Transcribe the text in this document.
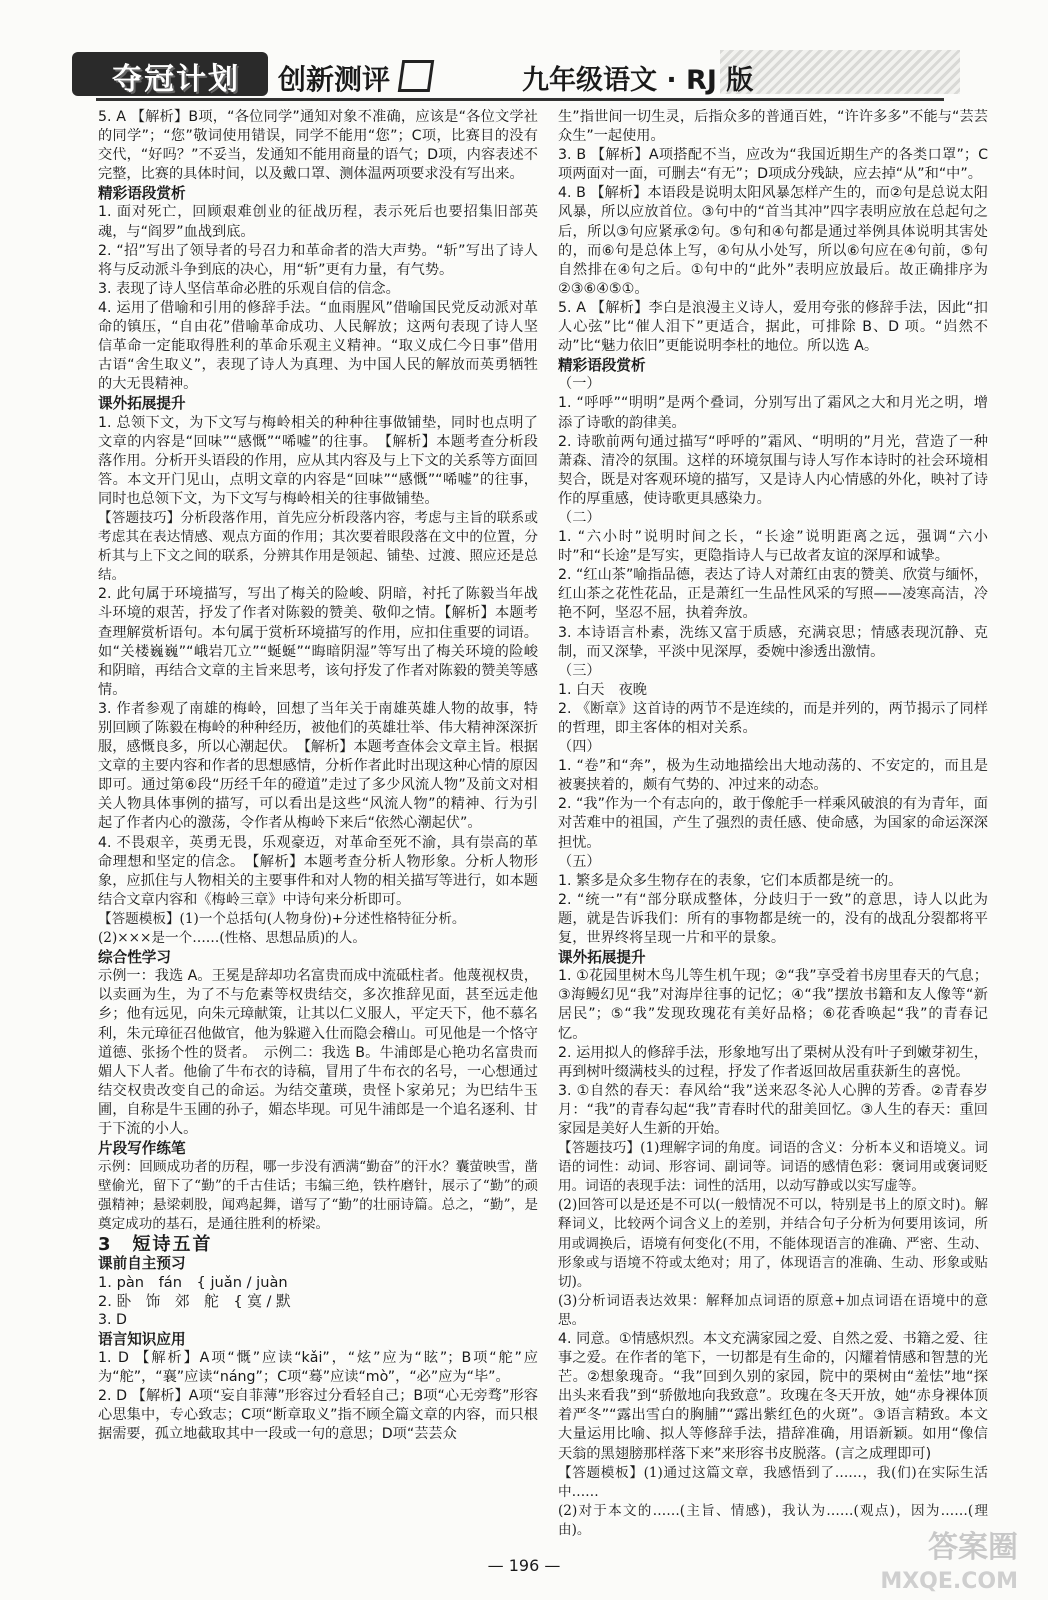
夺冠计划 创新测评	九年级语文 · RJ 版

5. A 【解析】B项，“各位同学”通知对象不准确，应该是“各位文学社的同学”；“您”敬词使用错误，同学不能用“您”；C项，比赛目的没有交代，“好吗？”不妥当，发通知不能用商量的语气；D项，内容表述不完整，比赛的具体时间，以及戴口罩、测体温两项要求没有写出来。

精彩语段赏析

1. 面对死亡，回顾艰难创业的征战历程，表示死后也要招集旧部英魂，与“阎罗”血战到底。

2. “招”写出了领导者的号召力和革命者的浩大声势。“斩”写出了诗人将与反动派斗争到底的决心，用“斩”更有力量，有气势。

3. 表现了诗人坚信革命必胜的乐观自信的信念。

4. 运用了借喻和引用的修辞手法。“血雨腥风”借喻国民党反动派对革命的镇压，“自由花”借喻革命成功、人民解放；这两句表现了诗人坚信革命一定能取得胜利的革命乐观主义精神。“取义成仁今日事”借用古语“舍生取义”，表现了诗人为真理、为中国人民的解放而英勇牺牲的大无畏精神。

课外拓展提升

1. 总领下文，为下文写与梅岭相关的种种往事做铺垫，同时也点明了文章的内容是“回味”“感慨”“唏嘘”的往事。　【解析】本题考查分析段落作用。分析开头语段的作用，应从其内容及与上下文的关系等方面回答。本文开门见山，点明文章的内容是“回味”“感慨”“唏嘘”的往事，同时也总领下文，为下文写与梅岭相关的往事做铺垫。

【答题技巧】分析段落作用，首先应分析段落内容，考虑与主旨的联系或考虑其在表达情感、观点方面的作用；其次要着眼段落在文中的位置，分析其与上下文之间的联系，分辨其作用是领起、铺垫、过渡、照应还是总结。

2. 此句属于环境描写，写出了梅关的险峻、阴暗，衬托了陈毅当年战斗环境的艰苦，抒发了作者对陈毅的赞美、敬仰之情。【解析】本题考查理解赏析语句。本句属于赏析环境描写的作用，应扣住重要的词语。如“关楼巍巍”“峨岩兀立”“蜒蜒”“晦暗阴湿”等写出了梅关环境的险峻和阴暗，再结合文章的主旨来思考，该句抒发了作者对陈毅的赞美等感情。

3. 作者参观了南雄的梅岭，回想了当年关于南雄英雄人物的故事，特别回顾了陈毅在梅岭的种种经历，被他们的英雄壮举、伟大精神深深折服，感慨良多，所以心潮起伏。　【解析】本题考查体会文章主旨。根据文章的主要内容和作者的思想感情，分析作者此时出现这种心情的原因即可。通过第⑥段“历经千年的磴道”走过了多少风流人物”及前文对相关人物具体事例的描写，可以看出是这些“风流人物”的精神、行为引起了作者内心的激荡，令作者从梅岭下来后“依然心潮起伏”。

4. 不畏艰辛，英勇无畏，乐观豪迈，对革命至死不渝，具有崇高的革命理想和坚定的信念。　【解析】本题考查分析人物形象。分析人物形象，应抓住与人物相关的主要事件和对人物的相关描写等进行，如本题结合文章内容和《梅岭三章》中诗句来分析即可。

【答题模板】(1)一个总括句(人物身份)+分述性格特征分析。

(2)×××是一个……(性格、思想品质)的人。

综合性学习

示例一：我选 A。王冕是辞却功名富贵而成中流砥柱者。他蔑视权贵，以卖画为生，为了不与危素等权贵结交，多次推辞见面，甚至远走他乡；他有远见，向朱元璋献策，让其以仁义服人，平定天下，他不慕名利，朱元璋征召他做官，他为躲避入仕而隐会稽山。可见他是一个恪守道德、张扬个性的贤者。　示例二：我选 B。牛浦郎是心艳功名富贵而媚人下人者。他偷了牛布衣的诗稿，冒用了牛布衣的名号，一心想通过结交权贵改变自己的命运。为结交董瑛，贵怪卜家弟兄；为巴结牛玉圃，自称是牛玉圃的孙子，媚态毕现。可见牛浦郎是一个追名逐利、甘于下流的小人。

片段写作练笔

示例：回顾成功者的历程，哪一步没有洒满“勤奋”的汗水？囊萤映雪，凿壁偷光，留下了“勤”的千古佳话；韦编三绝，铁杵磨针，展示了“勤”的顽强精神；悬梁刺股，闻鸡起舞，谱写了“勤”的壮丽诗篇。总之，“勤”，是奠定成功的基石，是通往胜利的桥梁。

3　短诗五首

课前自主预习

1. pàn　fán　{ juǎn / juàn

2. 卧　饰　郊　舵　{ 寞 / 默

3. D

语言知识应用

1. D 【解析】A项“慨”应读“kǎi”，“炫”应为“眩”；B项“舵”应为“舵”，“襄”应读“náng”；C项“蓦”应读“mò”，“必”应为“毕”。

2. D 【解析】A项“妄自菲薄”形容过分看轻自己；B项“心无旁骛”形容心思集中，专心致志；C项“断章取义”指不顾全篇文章的内容，而只根据需要，孤立地截取其中一段或一句的意思；D项“芸芸众

生”指世间一切生灵，后指众多的普通百姓，“许许多多”不能与“芸芸众生”一起使用。

3. B 【解析】A项搭配不当，应改为“我国近期生产的各类口罩”；C项两面对一面，可删去“有无”；D项成分残缺，应去掉“从”和“中”。

4. B 【解析】本语段是说明太阳风暴怎样产生的，而②句是总说太阳风暴，所以应放首位。③句中的“首当其冲”四字表明应放在总起句之后，所以③句应紧承②句。⑤句和④句都是通过举例具体说明其害处的，而⑥句是总体上写，④句从小处写，所以⑥句应在④句前，⑤句自然排在④句之后。①句中的“此外”表明应放最后。故正确排序为②③⑥④⑤①。

5. A 【解析】李白是浪漫主义诗人，爱用夸张的修辞手法，因此“扣人心弦”比“催人泪下”更适合，据此，可排除 B、D 项。“岿然不动”比“魅力依旧”更能说明李杜的地位。所以选 A。

精彩语段赏析

（一）

1. “呼呼”“明明”是两个叠词，分别写出了霜风之大和月光之明，增添了诗歌的韵律美。

2. 诗歌前两句通过描写“呼呼的”霜风、“明明的”月光，营造了一种萧森、清冷的氛围。这样的环境氛围与诗人写作本诗时的社会环境相契合，既是对客观环境的描写，又是诗人内心情感的外化，映衬了诗作的厚重感，使诗歌更具感染力。

（二）

1. “六小时”说明时间之长，“长途”说明距离之远，强调“六小时”和“长途”是写实，更隐指诗人与已故者友谊的深厚和诚挚。

2. “红山茶”喻指品德，表达了诗人对萧红由衷的赞美、欣赏与缅怀，红山茶之花性花品，正是萧红一生品性风采的写照——凌寒高洁，冷艳不阿，坚忍不屈，执着奔放。

3. 本诗语言朴素，洗练又富于质感，充满哀思；情感表现沉静、克制，而又深挚，平淡中见深厚，委婉中渗透出激情。

（三）

1. 白天　夜晚

2. 《断章》这首诗的两节不是连续的，而是并列的，两节揭示了同样的哲理，即主客体的相对关系。

（四）

1. “卷”和“奔”，极为生动地描绘出大地动荡的、不安定的，而且是被裹挟着的，颇有气势的、冲过来的动态。

2. “我”作为一个有志向的，敢于像舵手一样乘风破浪的有为青年，面对苦难中的祖国，产生了强烈的责任感、使命感，为国家的命运深深担忧。

（五）

1. 繁多是众多生物存在的表象，它们本质都是统一的。

2. “统一”有“部分联成整体，分歧归于一致”的意思，诗人以此为题，就是告诉我们：所有的事物都是统一的，没有的战乱分裂都将平复，世界终将呈现一片和平的景象。

课外拓展提升

1. ①花园里树木鸟儿等生机午现；②“我”享受着书房里春天的气息；③海鳗幻见“我”对海岸往事的记忆；④“我”摆放书籍和友人像等“新居民”；⑤“我”发现玫瑰花有美好品格；⑥花香唤起“我”的青春记忆。

2. 运用拟人的修辞手法，形象地写出了栗树从没有叶子到嫩芽初生，再到树叶缀满枝头的过程，抒发了作者返回故居重获新生的喜悦。

3. ①自然的春天：春风给“我”送来忍冬沁人心脾的芳香。②青春岁月：“我”的青春勾起“我”青春时代的甜美回忆。③人生的春天：重回家园是美好人生新的开始。

【答题技巧】(1)理解字词的角度。词语的含义：分析本义和语境义。词语的词性：动词、形容词、副词等。词语的感情色彩：褒词用或褒词贬用。词语的表现手法：词性的活用，以动写静或以实写虚等。

(2)回答可以是还是不可以(一般情况不可以，特别是书上的原文时)。解释词义，比较两个词含义上的差别，并结合句子分析为何要用该词，所用或调换后，语境有何变化(不用，不能体现语言的准确、严密、生动、形象或与语境不符或太绝对；用了，体现语言的准确、生动、形象或贴切)。

(3)分析词语表达效果：解释加点词语的原意+加点词语在语境中的意思。

4. 同意。①情感炽烈。本文充满家园之爱、自然之爱、书籍之爱、往事之爱。在作者的笔下，一切都是有生命的，闪耀着情感和智慧的光芒。②想象瑰奇。“我”回到久别的家园，院中的栗树由“羞怯”地“探出头来看我”到“骄傲地向我致意”。玫瑰在冬天开放，她“赤身裸体顶着严冬”“露出雪白的胸脯”“露出紫红色的火斑”。③语言精致。本文大量运用比喻、拟人等修辞手法，措辞准确，用语新颖。如用“像信天翁的黑翅膀那样落下来”来形容书皮脱落。(言之成理即可)

【答题模板】(1)通过这篇文章，我感悟到了……，我(们)在实际生活中……

(2)对于本文的……(主旨、情感)，我认为……(观点)，因为……(理由)。

— 196 —
答案圈
MXQE.COM
